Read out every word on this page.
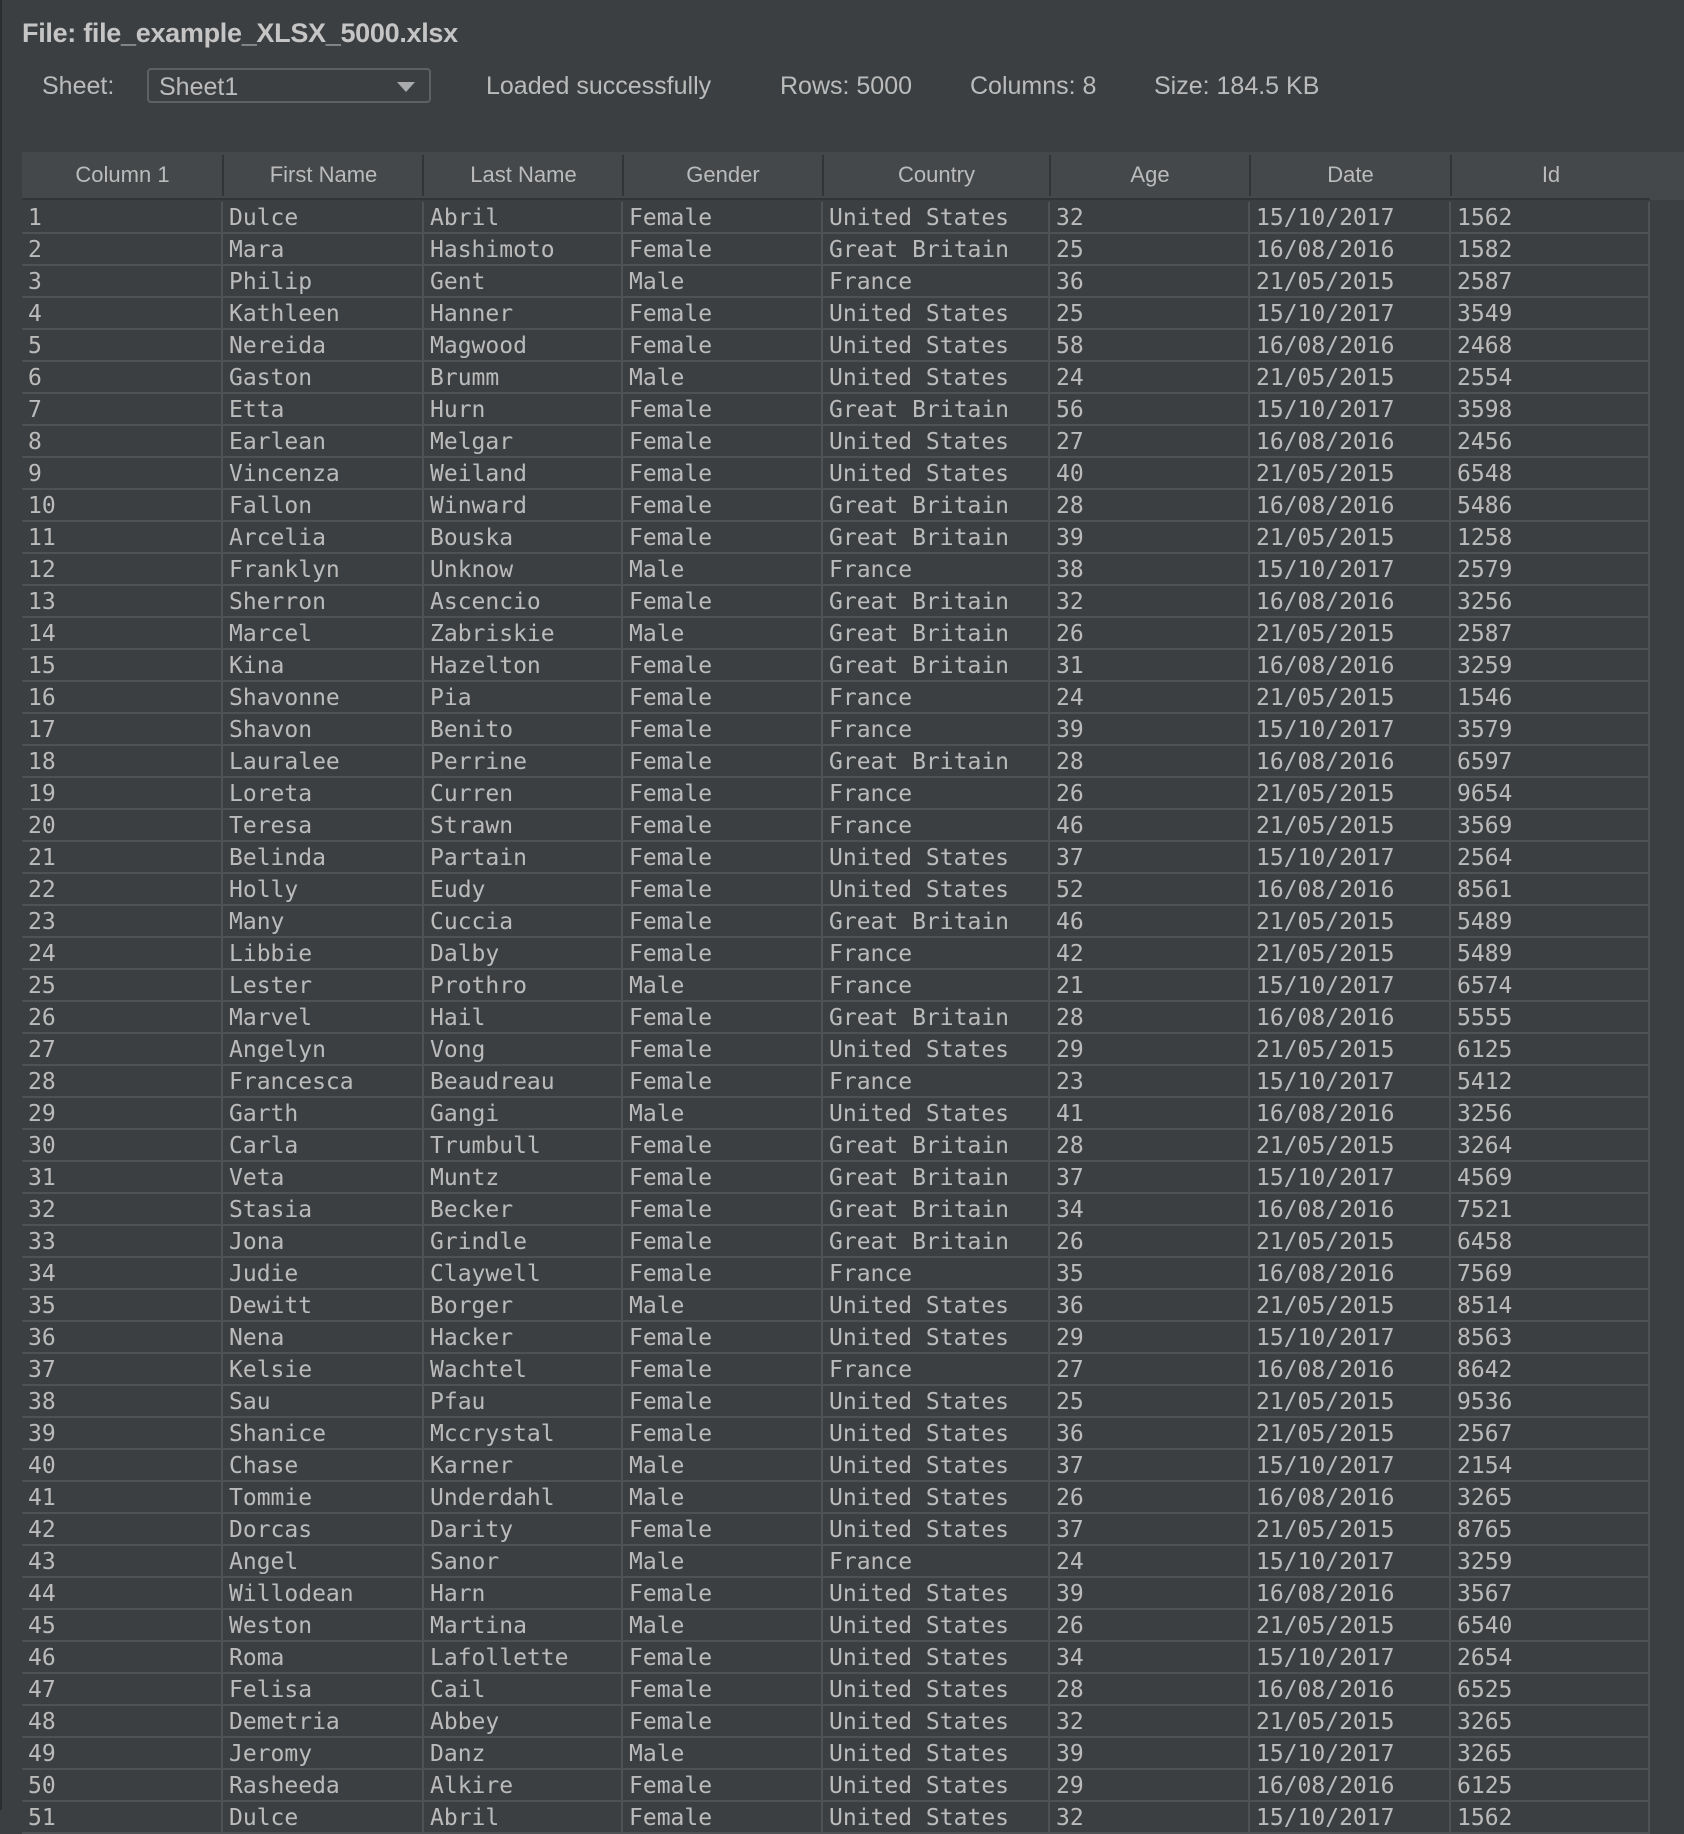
File: file_example_XLSX_5000.xlsx
Sheet: Sheet1	Loaded successfully	Rows: 5000 Columns: 8 Size: 184.5 KB
Column 1	First Name	Last Name	Gender	Country	Age	Date	Id
1	Dulce	Abril	Female	United States	32	15/10/2017	1562
2	Mara	Hashimoto	Female	Great Britain	25	16/08/2016	1582
3	Philip	Gent	Male	France	36	21/05/2015	2587
4	Kathleen	Hanner	Female	United States	25	15/10/2017	3549
5	Nereida	Magwood	Female	United States	58	16/08/2016	2468
6	Gaston	Brumm	Male	United States	24	21/05/2015	2554
7	Etta	Hurn	Female	Great Britain	56	15/10/2017	3598
8	Earlean	Melgar	Female	United States	27	16/08/2016	2456
9	Vincenza	Weiland	Female	United States	40	21/05/2015	6548
10	Fallon	Winward	Female	Great Britain	28	16/08/2016	5486
11	Arcelia	Bouska	Female	Great Britain	39	21/05/2015	1258
12	Franklyn	Unknow	Male	France	38	15/10/2017	2579
13	Sherron	Ascencio	Female	Great Britain	32	16/08/2016	3256
14	Marcel	Zabriskie	Male	Great Britain	26	21/05/2015	2587
15	Kina	Hazelton	Female	Great Britain	31	16/08/2016	3259
16	Shavonne	Pia	Female	France	24	21/05/2015	1546
17	Shavon	Benito	Female	France	39	15/10/2017	3579
18	Lauralee	Perrine	Female	Great Britain	28	16/08/2016	6597
19	Loreta	Curren	Female	France	26	21/05/2015	9654
20	Teresa	Strawn	Female	France	46	21/05/2015	3569
21	Belinda	Partain	Female	United States	37	15/10/2017	2564
22	Holly	Eudy	Female	United States	52	16/08/2016	8561
23	Many	Cuccia	Female	Great Britain	46	21/05/2015	5489
24	Libbie	Dalby	Female	France	42	21/05/2015	5489
25	Lester	Prothro	Male	France	21	15/10/2017	6574
26	Marvel	Hail	Female	Great Britain	28	16/08/2016	5555
27	Angelyn	Vong	Female	United States	29	21/05/2015	6125
28	Francesca	Beaudreau	Female	France	23	15/10/2017	5412
29	Garth	Gangi	Male	United States	41	16/08/2016	3256
30	Carla	Trumbull	Female	Great Britain	28	21/05/2015	3264
31	Veta	Muntz	Female	Great Britain	37	15/10/2017	4569
32	Stasia	Becker	Female	Great Britain	34	16/08/2016	7521
33	Jona	Grindle	Female	Great Britain	26	21/05/2015	6458
34	Judie	Claywell	Female	France	35	16/08/2016	7569
35	Dewitt	Borger	Male	United States	36	21/05/2015	8514
36	Nena	Hacker	Female	United States	29	15/10/2017	8563
37	Kelsie	Wachtel	Female	France	27	16/08/2016	8642
38	Sau	Pfau	Female	United States	25	21/05/2015	9536
39	Shanice	Mccrystal	Female	United States	36	21/05/2015	2567
40	Chase	Karner	Male	United States	37	15/10/2017	2154
41	Tommie	Underdahl	Male	United States	26	16/08/2016	3265
42	Dorcas	Darity	Female	United States	37	21/05/2015	8765
43	Angel	Sanor	Male	France	24	15/10/2017	3259
44	Willodean	Harn	Female	United States	39	16/08/2016	3567
45	Weston	Martina	Male	United States	26	21/05/2015	6540
46	Roma	Lafollette	Female	United States	34	15/10/2017	2654
47	Felisa	Cail	Female	United States	28	16/08/2016	6525
48	Demetria	Abbey	Female	United States	32	21/05/2015	3265
49	Jeromy	Danz	Male	United States	39	15/10/2017	3265
50	Rasheeda	Alkire	Female	United States	29	16/08/2016	6125
51	Dulce	Abril	Female	United States	32	15/10/2017	1562
